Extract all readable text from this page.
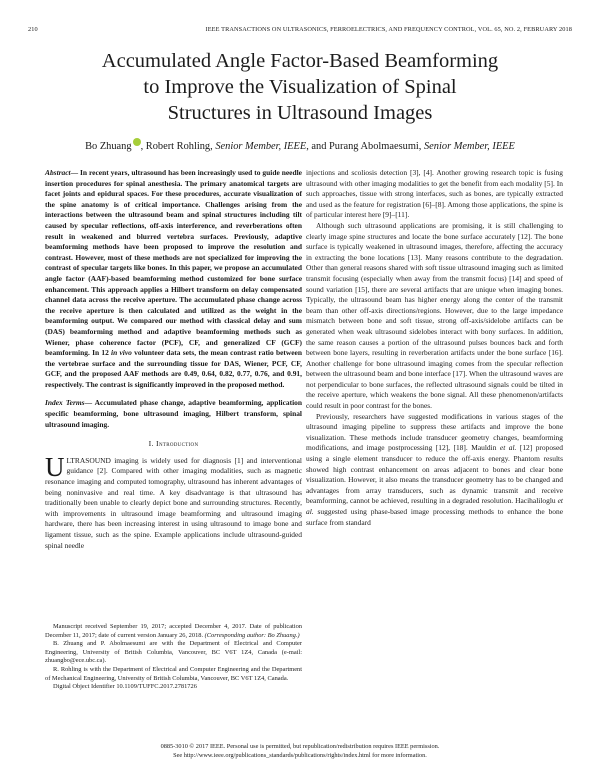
210	IEEE TRANSACTIONS ON ULTRASONICS, FERROELECTRICS, AND FREQUENCY CONTROL, VOL. 65, NO. 2, FEBRUARY 2018
Accumulated Angle Factor-Based Beamforming
to Improve the Visualization of Spinal
Structures in Ultrasound Images
Bo Zhuang , Robert Rohling, Senior Member, IEEE, and Purang Abolmaesumi, Senior Member, IEEE

Abstract— In recent years, ultrasound has been increasingly used to guide needle insertion procedures for spinal anesthesia. The primary anatomical targets are facet joints and epidural spaces. For these procedures, accurate visualization of the spine anatomy is of critical importance. Challenges arising from the interactions between the ultrasound beam and spinal structures including tilt caused by specular reflections, off-axis interference, and reverberations often result in weakened and blurred vertebra surfaces. Previously, adaptive beamforming methods have been proposed to improve the resolution and contrast. However, most of these methods are not specialized for improving the contrast of specular targets like bones. In this paper, we propose an accumulated angle factor (AAF)-based beamforming method customized for bone surface enhancement. This approach applies a Hilbert transform on delay compensated channel data across the receive aperture. The accumulated phase change across the receive aperture is then calculated and utilized as the weight in the beamforming output. We compared our method with classical delay and sum (DAS) beamforming method and adaptive beamforming methods such as Wiener, phase coherence factor (PCF), CF, and generalized CF (GCF) beamforming. In 12 in vivo volunteer data sets, the mean contrast ratio between the vertebrae surface and the surrounding tissue for DAS, Wiener, PCF, CF, GCF, and the proposed AAF methods are 0.49, 0.64, 0.82, 0.77, 0.76, and 0.91, respectively. The contrast is significantly improved in the proposed method.

Index Terms— Accumulated phase change, adaptive beamforming, application specific beamforming, bone ultrasound imaging, Hilbert transform, spinal ultrasound imaging.

I. Introduction

ULTRASOUND imaging is widely used for diagnosis [1] and interventional guidance [2]. Compared with other imaging modalities, such as magnetic resonance imaging and computed tomography, ultrasound has inherent advantages of being noninvasive and real time. A key disadvantage is that ultrasound has traditionally been unable to clearly depict bone and surrounding structures. Recently, with improvements in ultrasound image beamforming and ultrasound imaging hardware, there has been increasing interest in using ultrasound to image bone and ligament tissue, such as the spine. Example applications include ultrasound-guided spinal needle

Manuscript received September 19, 2017; accepted December 4, 2017. Date of publication December 11, 2017; date of current version January 26, 2018. (Corresponding author: Bo Zhuang.)

B. Zhuang and P. Abolmaesumi are with the Department of Electrical and Computer Engineering, University of British Columbia, Vancouver, BC V6T 1Z4, Canada (e-mail: zhuangbo@ece.ubc.ca).

R. Rohling is with the Department of Electrical and Computer Engineering and the Department of Mechanical Engineering, University of British Columbia, Vancouver, BC V6T 1Z4, Canada.

Digital Object Identifier 10.1109/TUFFC.2017.2781726

injections and scoliosis detection [3], [4]. Another growing research topic is fusing ultrasound with other imaging modalities to get the benefit from each modality [5]. In such approaches, tissue with strong interfaces, such as bones, are typically extracted and used as the feature for registration [6]–[8]. Among those applications, the spine is of particular interest here [9]–[11].

Although such ultrasound applications are promising, it is still challenging to clearly image spine structures and locate the bone surface accurately [12]. The bone surface is typically weakened in ultrasound images, therefore, affecting the accuracy in extracting the bone locations [13]. Many reasons contribute to the degradation. Other than general reasons shared with soft tissue ultrasound imaging such as limited transmit focusing (especially when away from the transmit focus) [14] and speed of sound variation [15], there are several artifacts that are unique when imaging bones. Typically, the ultrasound beam has higher energy along the center of the transmit beam than other off-axis directions/regions. However, due to the large impedance mismatch between bone and soft tissue, strong off-axis/sidelobe artifacts can be generated when weak ultrasound sidelobes interact with bony surfaces. In addition, the same reason causes a portion of the ultrasound pulses bounces back and forth between bone layers, resulting in reverberation artifacts under the bone surface [16]. Another challenge for bone ultrasound imaging comes from the specular reflection between the ultrasound beam and bone interface [17]. When the ultrasound waves are not perpendicular to bone surfaces, the reflected ultrasound signals could be tilted in the receive aperture, which weakens the bone signal. All these phenomenon/artifacts could result in poor contrast for the bones.

Previously, researchers have suggested modifications in various stages of the ultrasound imaging pipeline to suppress these artifacts and improve the bone visualization. These methods include transducer geometry changes, beamforming modifications, and image postprocessing [12], [18]. Mauldin et al. [12] proposed using a single element transducer to reduce the off-axis energy. Phantom results showed high contrast enhancement on areas adjacent to bones and clear bone visualization. However, it also means the transducer geometry has to be changed and advantages from array transducers, such as dynamic transmit and receive beamforming, cannot be achieved, resulting in a degraded resolution. Hacihaliloglu et al. suggested using phase-based image processing methods to enhance the bone surface from standard

0885-3010 © 2017 IEEE. Personal use is permitted, but republication/redistribution requires IEEE permission.
See http://www.ieee.org/publications_standards/publications/rights/index.html for more information.
